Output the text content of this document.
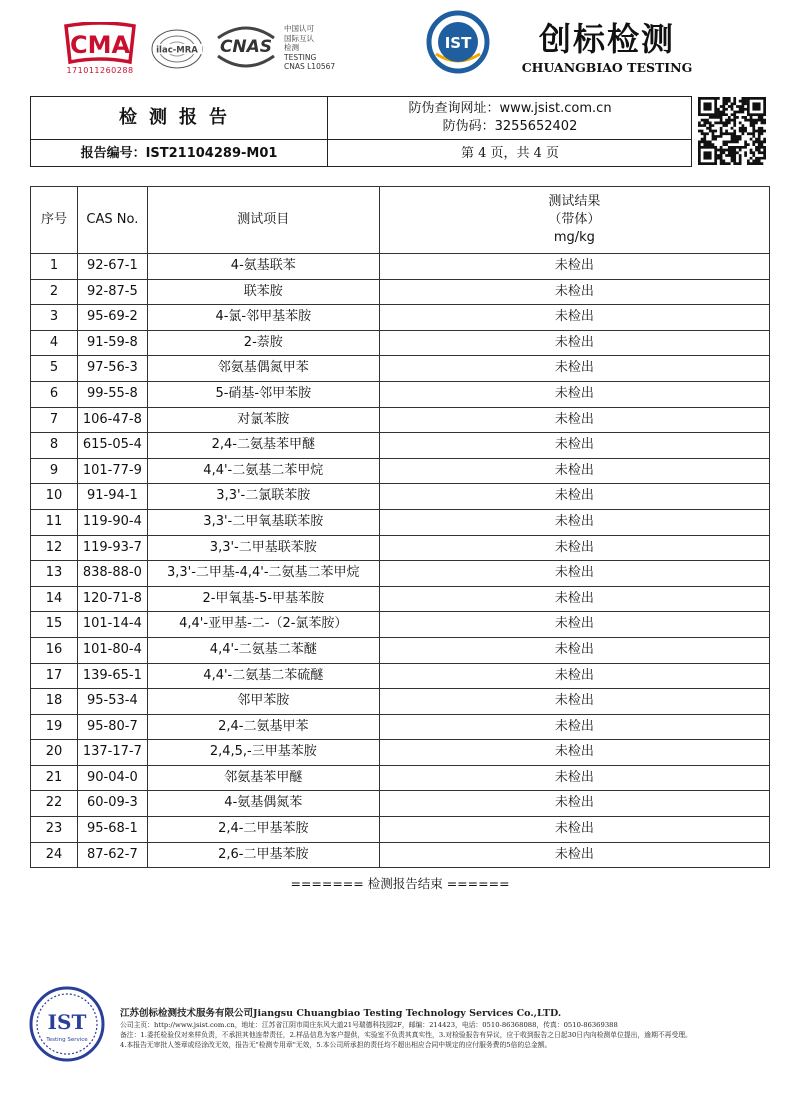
CMA
171011260288
ilac-MRA CNAS
中国认可
国际互认
检测
TESTING
CNAS L10567
IST	创标检测
CHUANGBIAO TESTING
检测报告	防伪查询网址：www.jsist.com.cn
防伪码：3255652402
报告编号：IST21104289-M01	第 4 页，共 4 页
序号	CAS No.	测试项目	测试结果
（带体）
mg/kg

1	92-67-1	4-氨基联苯	未检出
2	92-87-5	联苯胺	未检出
3	95-69-2	4-氯-邻甲基苯胺	未检出
4	91-59-8	2-萘胺	未检出
5	97-56-3	邻氨基偶氮甲苯	未检出
6	99-55-8	5-硝基-邻甲苯胺	未检出
7	106-47-8	对氯苯胺	未检出
8	615-05-4	2,4-二氨基苯甲醚	未检出
9	101-77-9	4,4'-二氨基二苯甲烷	未检出
10	91-94-1	3,3'-二氯联苯胺	未检出
11	119-90-4	3,3'-二甲氧基联苯胺	未检出
12	119-93-7	3,3'-二甲基联苯胺	未检出
13	838-88-0	3,3'-二甲基-4,4'-二氨基二苯甲烷	未检出
14	120-71-8	2-甲氧基-5-甲基苯胺	未检出
15	101-14-4	4,4'-亚甲基-二-（2-氯苯胺）	未检出
16	101-80-4	4,4'-二氨基二苯醚	未检出
17	139-65-1	4,4'-二氨基二苯硫醚	未检出
18	95-53-4	邻甲苯胺	未检出
19	95-80-7	2,4-二氨基甲苯	未检出
20	137-17-7	2,4,5,-三甲基苯胺	未检出
21	90-04-0	邻氨基苯甲醚	未检出
22	60-09-3	4-氨基偶氮苯	未检出
23	95-68-1	2,4-二甲基苯胺	未检出
24	87-62-7	2,6-二甲基苯胺	未检出
======= 检测报告结束 ======
IST
Testing Service
江苏创标检测技术服务有限公司Jiangsu Chuangbiao Testing Technology Services Co.,LTD.
公司主页：http://www.jsist.com.cn，地址：江苏省江阴市周庄东风大道21号瑞德科技园2F，邮编：214423，电话：0510-86368088，传真：0510-86369388
备注：1.委托检验仅对来样负责，不承担其他连带责任，2.样品信息为客户提供，实验室不负责其真实性，3.对检验报告有异议，应于收到报告之日起30日内向检测单位提出，逾期不再受理。
4.本报告无审批人签章或经涂改无效，报告无"检测专用章"无效，5.本公司所承担的责任均不超出相应合同中规定的应付服务费的5倍的总金额。
